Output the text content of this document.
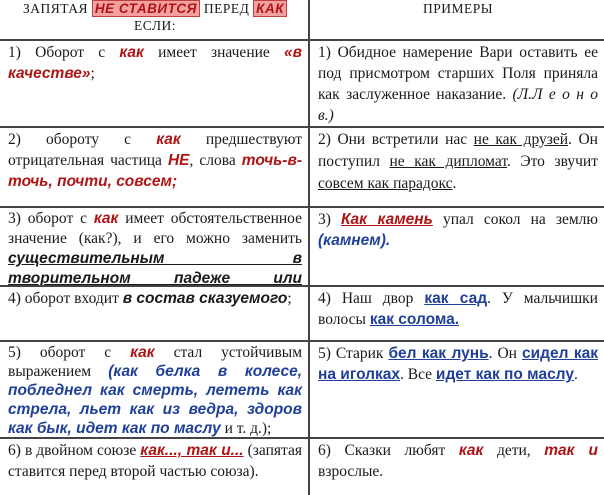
ЗАПЯТАЯ НЕ СТАВИТСЯ ПЕРЕД КАК
ЕСЛИ:
ПРИМЕРЫ
1) Оборот с как имеет значение «в качестве»;
1) Обидное намерение Вари оставить ее под присмотром старших Поля приняла как заслуженное наказание. (Л.Л е о н о в.)
2) обороту с как предшествуют отрицательная частица НЕ, слова точь-в-точь, почти, совсем;
2) Они встретили нас не как друзей. Он поступил не как дипломат. Это звучит совсем как парадокс.
3) оборот с как имеет обстоятельственное значение (как?), и его можно заменить существительным в творительном падеже или
3) Как камень упал сокол на землю (камнем).
4) оборот входит в состав сказуемого;	4) Наш двор как сад. У мальчишки волосы как солома.
5) оборот с как стал устойчивым выражением (как белка в колесе, побледнел как смерть, лететь как стрела, льет как из ведра, здоров как бык, идет как по маслу и т. д.);
5) Старик бел как лунь. Он сидел как на иголках. Все идет как по маслу.
6) в двойном союзе как..., так и... (запятая ставится перед второй частью союза).
6) Сказки любят как дети, так и взрослые.
